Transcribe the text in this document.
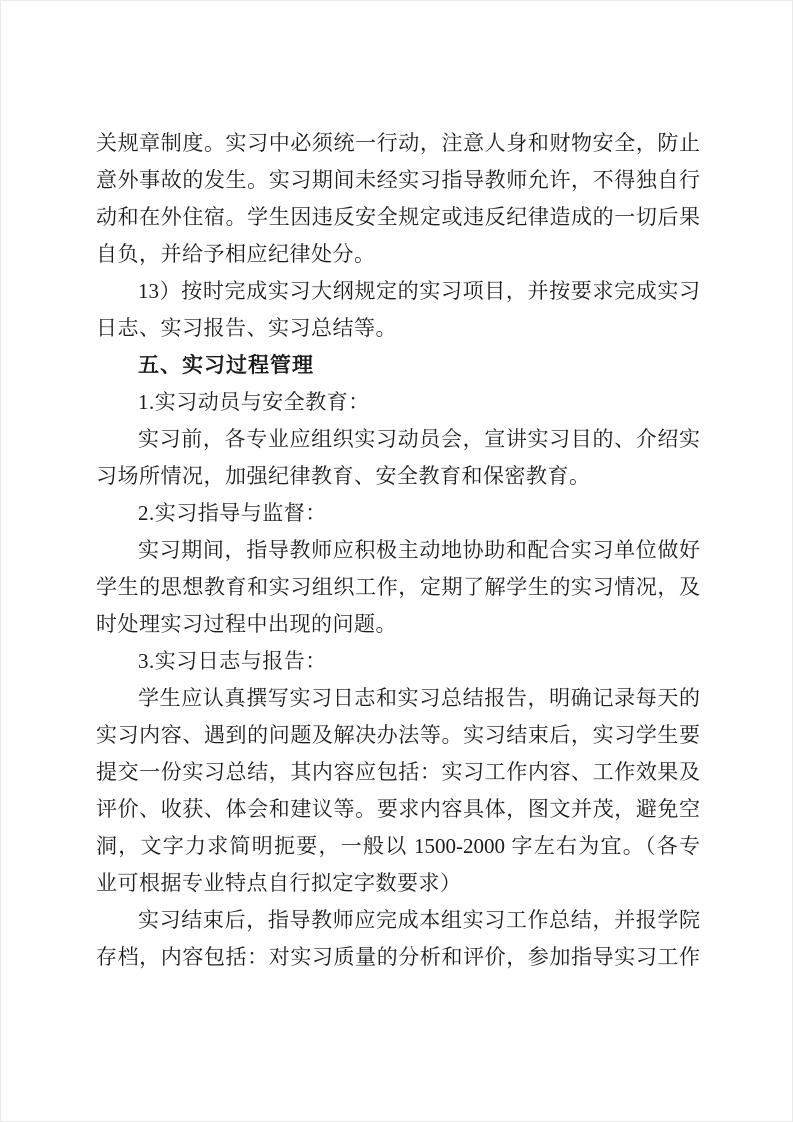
关规章制度。实习中必须统一行动，注意人身和财物安全，防止
意外事故的发生。实习期间未经实习指导教师允许，不得独自行
动和在外住宿。学生因违反安全规定或违反纪律造成的一切后果
自负，并给予相应纪律处分。
13）按时完成实习大纲规定的实习项目，并按要求完成实习
日志、实习报告、实习总结等。
五、实习过程管理
1.实习动员与安全教育：
实习前，各专业应组织实习动员会，宣讲实习目的、介绍实
习场所情况，加强纪律教育、安全教育和保密教育。
2.实习指导与监督：
实习期间，指导教师应积极主动地协助和配合实习单位做好
学生的思想教育和实习组织工作，定期了解学生的实习情况，及
时处理实习过程中出现的问题。
3.实习日志与报告：
学生应认真撰写实习日志和实习总结报告，明确记录每天的
实习内容、遇到的问题及解决办法等。实习结束后，实习学生要
提交一份实习总结，其内容应包括：实习工作内容、工作效果及
评价、收获、体会和建议等。要求内容具体，图文并茂，避免空
洞，文字力求简明扼要，一般以 1500-2000 字左右为宜。（各专
业可根据专业特点自行拟定字数要求）
实习结束后，指导教师应完成本组实习工作总结，并报学院
存档，内容包括：对实习质量的分析和评价，参加指导实习工作
